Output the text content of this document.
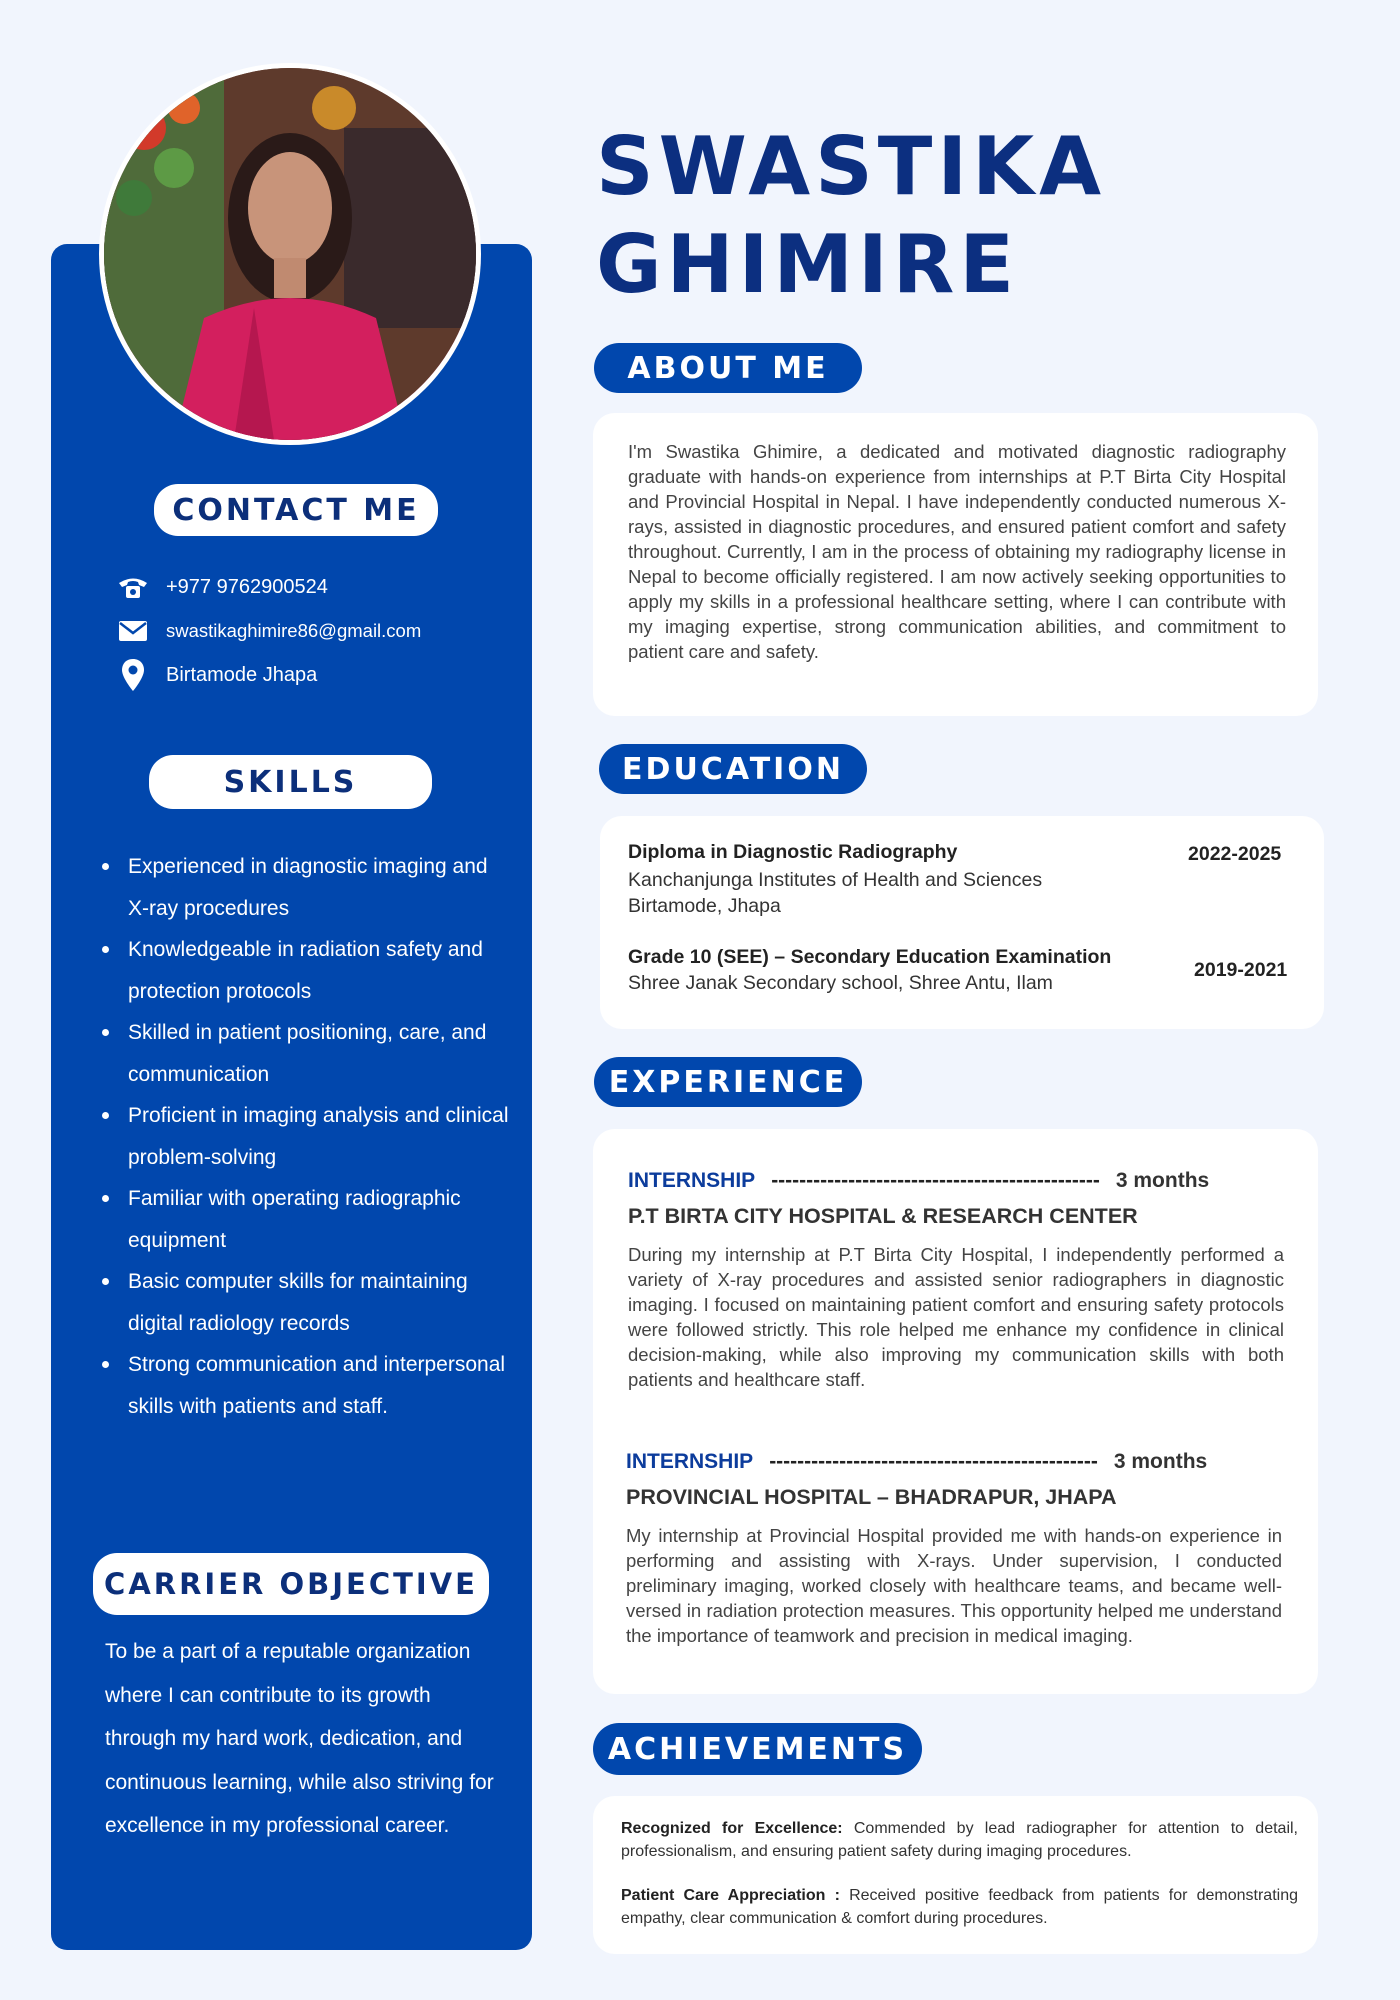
CONTACT ME
+977 9762900524
swastikaghimire86@gmail.com
Birtamode Jhapa
SKILLS
Experienced in diagnostic imaging and X-ray procedures
Knowledgeable in radiation safety and protection protocols
Skilled in patient positioning, care, and communication
Proficient in imaging analysis and clinical problem-solving
Familiar with operating radiographic equipment
Basic computer skills for maintaining digital radiology records
Strong communication and interpersonal skills with patients and staff.
CARRIER OBJECTIVE

To be a part of a reputable organization where I can contribute to its growth through my hard work, dedication, and continuous learning, while also striving for excellence in my professional career.

SWASTIKA
GHIMIRE
ABOUT ME

I'm Swastika Ghimire, a dedicated and motivated diagnostic radiography graduate with hands-on experience from internships at P.T Birta City Hospital and Provincial Hospital in Nepal. I have independently conducted numerous X-rays, assisted in diagnostic procedures, and ensured patient comfort and safety throughout. Currently, I am in the process of obtaining my radiography license in Nepal to become officially registered. I am now actively seeking opportunities to apply my skills in a professional healthcare setting, where I can contribute with my imaging expertise, strong communication abilities, and commitment to patient care and safety.

EDUCATION
Diploma in Diagnostic Radiography
Kanchanjunga Institutes of Health and Sciences
Birtamode, Jhapa
2022-2025
Grade 10 (SEE) – Secondary Education Examination
Shree Janak Secondary school, Shree Antu, Ilam
2019-2021
EXPERIENCE
INTERNSHIP ----------------------------------------------- 3 months
P.T BIRTA CITY HOSPITAL & RESEARCH CENTER

During my internship at P.T Birta City Hospital, I independently performed a variety of X-ray procedures and assisted senior radiographers in diagnostic imaging. I focused on maintaining patient comfort and ensuring safety protocols were followed strictly. This role helped me enhance my confidence in clinical decision-making, while also improving my communication skills with both patients and healthcare staff.

INTERNSHIP ----------------------------------------------- 3 months
PROVINCIAL HOSPITAL – BHADRAPUR, JHAPA

My internship at Provincial Hospital provided me with hands-on experience in performing and assisting with X-rays. Under supervision, I conducted preliminary imaging, worked closely with healthcare teams, and became well-versed in radiation protection measures. This opportunity helped me understand the importance of teamwork and precision in medical imaging.

ACHIEVEMENTS

Recognized for Excellence: Commended by lead radiographer for attention to detail, professionalism, and ensuring patient safety during imaging procedures.

Patient Care Appreciation : Received positive feedback from patients for demonstrating empathy, clear communication & comfort during procedures.
